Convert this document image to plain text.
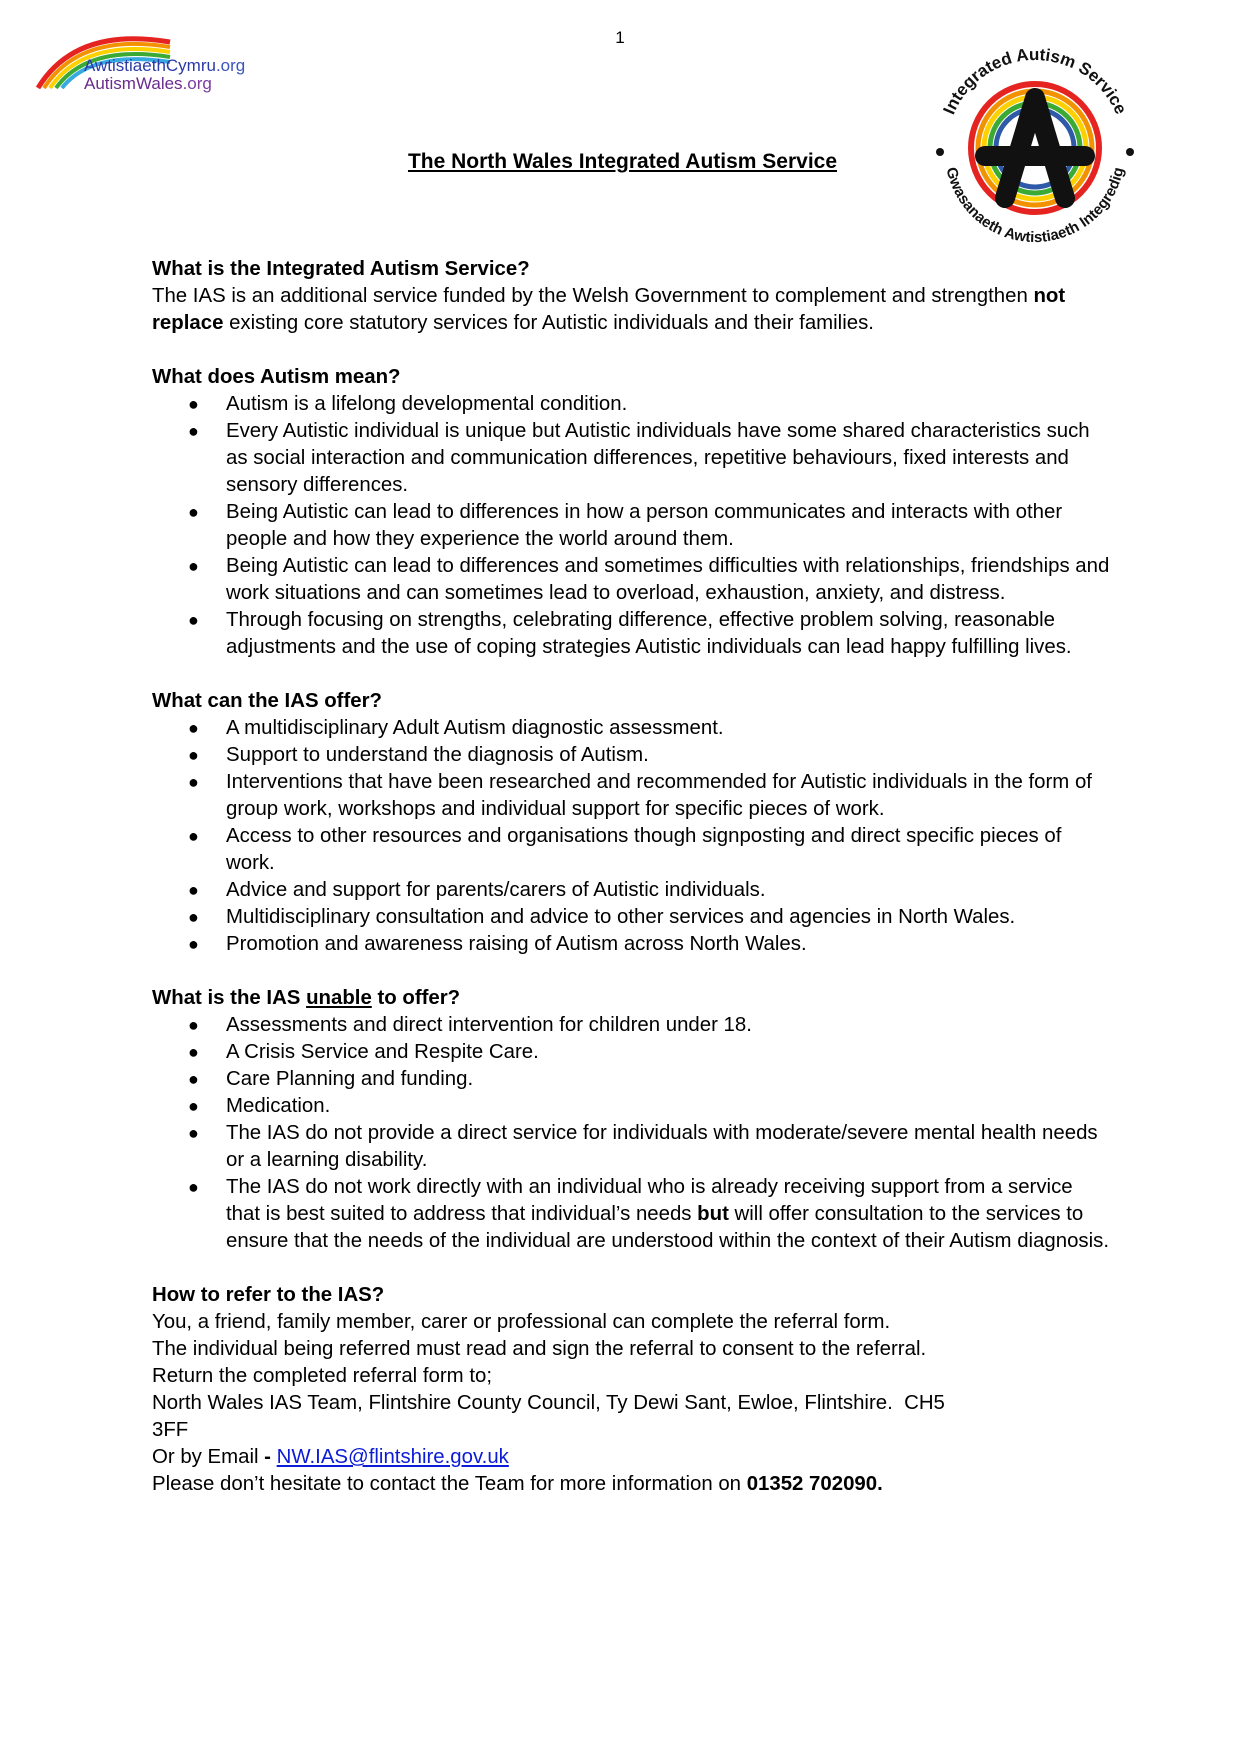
1
AwtistiaethCymru.org
AutismWales.org
Integrated Autism Service
Gwasanaeth Awtistiaeth Integredig
The North Wales Integrated Autism Service
What is the Integrated Autism Service?

The IAS is an additional service funded by the Welsh Government to complement and strengthen not replace existing core statutory services for Autistic individuals and their families.

What does Autism mean?
● Autism is a lifelong developmental condition.
● Every Autistic individual is unique but Autistic individuals have some shared characteristics such as social interaction and communication differences, repetitive behaviours, fixed interests and sensory differences.
● Being Autistic can lead to differences in how a person communicates and interacts with other people and how they experience the world around them.
● Being Autistic can lead to differences and sometimes difficulties with relationships, friendships and work situations and can sometimes lead to overload, exhaustion, anxiety, and distress.
● Through focusing on strengths, celebrating difference, effective problem solving, reasonable adjustments and the use of coping strategies Autistic individuals can lead happy fulfilling lives.
What can the IAS offer?
● A multidisciplinary Adult Autism diagnostic assessment.
● Support to understand the diagnosis of Autism.
● Interventions that have been researched and recommended for Autistic individuals in the form of group work, workshops and individual support for specific pieces of work.
● Access to other resources and organisations though signposting and direct specific pieces of work.
● Advice and support for parents/carers of Autistic individuals.
● Multidisciplinary consultation and advice to other services and agencies in North Wales.
● Promotion and awareness raising of Autism across North Wales.
What is the IAS unable to offer?
● Assessments and direct intervention for children under 18.
● A Crisis Service and Respite Care.
● Care Planning and funding.
● Medication.
● The IAS do not provide a direct service for individuals with moderate/severe mental health needs or a learning disability.
● The IAS do not work directly with an individual who is already receiving support from a service that is best suited to address that individual’s needs but will offer consultation to the services to ensure that the needs of the individual are understood within the context of their Autism diagnosis.
How to refer to the IAS?

You, a friend, family member, carer or professional can complete the referral form.

The individual being referred must read and sign the referral to consent to the referral.

Return the completed referral form to;

North Wales IAS Team, Flintshire County Council, Ty Dewi Sant, Ewloe, Flintshire.  CH5
3FF

Or by Email - NW.IAS@flintshire.gov.uk

Please don’t hesitate to contact the Team for more information on 01352 702090.
